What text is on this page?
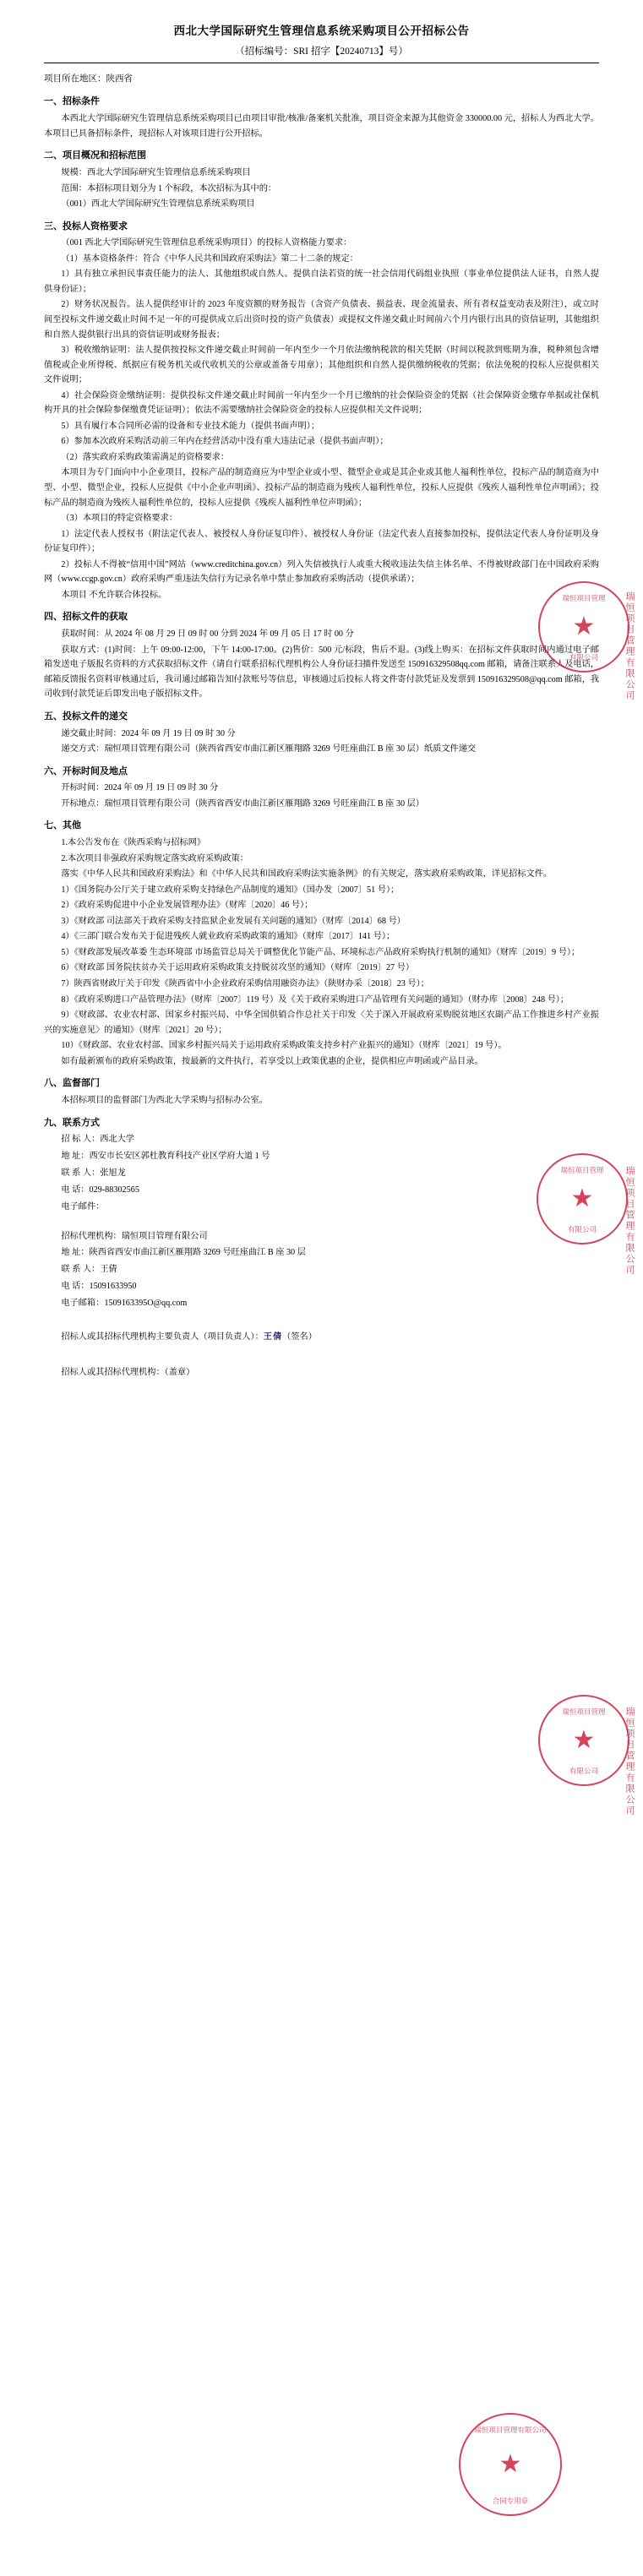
西北大学国际研究生管理信息系统采购项目公开招标公告
（招标编号：SRI 招字【20240713】号）
项目所在地区：陕西省
一、招标条件

本西北大学国际研究生管理信息系统采购项目已由项目审批/核准/备案机关批准，项目资金来源为其他资金 330000.00 元，招标人为西北大学。本项目已具备招标条件，现招标人对该项目进行公开招标。

二、项目概况和招标范围

规模：西北大学国际研究生管理信息系统采购项目

范围：本招标项目划分为 1 个标段，本次招标为其中的：

（001）西北大学国际研究生管理信息系统采购项目

三、投标人资格要求

（001 西北大学国际研究生管理信息系统采购项目）的投标人资格能力要求：

（1）基本资格条件：符合《中华人民共和国政府采购法》第二十二条的规定：

1）具有独立承担民事责任能力的法人、其他组织或自然人。提供自法若资的统一社会信用代码组业执照（事业单位提供法人证书，自然人提供身份证）；

2）财务状况报告。法人提供经审计的 2023 年度资额的财务报告（含资产负债表、损益表、现金流量表、所有者权益变动表及附注），或立时间至投标文件递交截止时间不足一年的可提供成立后出资时投的资产负债表）或提权文件递交截止时间前六个月内银行出具的资信证明，其他组织和自然人提供银行出具的资信证明或财务报表；

3）税收缴纳证明：法人提供按投标文件递交截止时间前一年内至少一个月依法缴纳税款的相关凭据（时间以税款到账期为准，税种须包含增值税或企业所得税、纸据应有税务机关或代收机关的公章或盖备专用章）；其他组织和自然人提供缴纳税收的凭据；依法免税的投标人应提供相关文件说明；

4）社会保险资金缴纳证明：提供投标文件递交截止时间前一年内至少一个月已缴纳的社会保险资金的凭据（社会保障资金缴存单据或社保机构开具的社会保险参保缴费凭证证明）；依法不需要缴纳社会保险资金的投标人应提供相关文件说明；

5）具有履行本合同所必需的设备和专业技术能力（提供书面声明）；

6）参加本次政府采购活动前三年内在经营活动中没有重大违法记录（提供书面声明）；

（2）落实政府采购政策需满足的资格要求：

本项目为专门面向中小企业项目，投标产品的制造商应为中型企业或小型、微型企业或是其企业或其他人福利性单位，投标产品的制造商为中型、小型、微型企业，投标人应提供《中小企业声明函》、投标产品的制造商为残疾人福利性单位，投标人应提供《残疾人福利性单位声明函》；投标产品的制造商为残疾人福利性单位的，投标人应提供《残疾人福利性单位声明函》；

（3）本项目的特定资格要求：

1）法定代表人授权书（附法定代表人、被授权人身份证复印件）、被授权人身份证（法定代表人直接参加投标，提供法定代表人身份证明及身份证复印件）；

2）投标人不得被“信用中国”网站（www.creditchina.gov.cn）列入失信被执行人或重大税收违法失信主体名单、不得被财政部门在中国政府采购网（www.ccgp.gov.cn）政府采购严重违法失信行为记录名单中禁止参加政府采购活动（提供承诺）；

本项目 不允许联合体投标。

四、招标文件的获取

获取时间：从 2024 年 08 月 29 日 09 时 00 分到 2024 年 09 月 05 日 17 时 00 分

获取方式：(1)时间：上午 09:00-12:00，下午 14:00-17:00。(2)售价：500 元/标段，售后不退。(3)线上购买：在招标文件获取时间内通过电子邮箱发送电子版报名资料的方式获取招标文件（请自行联系招标代理机构公人身份证扫描件发送至 150916329508qq.com 邮箱，请备注联系人及电话，邮箱反馈报名资料审核通过后，我司通过邮箱告知付款账号等信息，审核通过后投标人将文件寄付款凭证及发票到 150916329508@qq.com 邮箱，我司收到付款凭证后即发出电子版招标文件。

五、投标文件的递交

递交截止时间：2024 年 09 月 19 日 09 时 30 分

递交方式：瑞恒项目管理有限公司（陕西省西安市曲江新区雁翔路 3269 号旺座曲江 B 座 30 层）纸质文件递交

六、开标时间及地点

开标时间：2024 年 09 月 19 日 09 时 30 分

开标地点：瑞恒项目管理有限公司（陕西省西安市曲江新区雁翔路 3269 号旺座曲江 B 座 30 层）

七、其他

1.本公告发布在《陕西采购与招标网》

2.本次项目非强政府采购规定落实政府采购政策：

落实《中华人民共和国政府采购法》和《中华人民共和国政府采购法实施条例》的有关规定，落实政府采购政策，详见招标文件。

1）《国务院办公厅关于建立政府采购支持绿色产品制度的通知》（国办发〔2007〕51 号）；

2）《政府采购促进中小企业发展管理办法》（财库〔2020〕46 号）；

3）《财政部 司法部关于政府采购支持监狱企业发展有关问题的通知》（财库〔2014〕68 号）

4）《三部门联合发布关于促进残疾人就业政府采购政策的通知》（财库〔2017〕141 号）；

5）《财政部发展改革委 生态环境部 市场监管总局关于调整优化节能产品、环境标志产品政府采购执行机制的通知》（财库〔2019〕9 号）；

6）《财政部 国务院扶贫办关于运用政府采购政策支持脱贫攻坚的通知》（财库〔2019〕27 号）

7）陕西省财政厅关于印发《陕西省中小企业政府采购信用融资办法》（陕财办采〔2018〕23 号）；

8）《政府采购进口产品管理办法》（财库〔2007〕119 号）及《关于政府采购进口产品管理有关问题的通知》（财办库〔2008〕248 号）；

9）《财政部、农业农村部、国家乡村振兴局、中华全国供销合作总社关于印发〈关于深入开展政府采购脱贫地区农副产品工作推进乡村产业振兴的实施意见〉的通知》（财库〔2021〕20 号）；

10）《财政部、农业农村部、国家乡村振兴局关于运用政府采购政策支持乡村产业振兴的通知》（财库〔2021〕19 号）。

如有最新颁布的政府采购政策，按最新的文件执行，若享受以上政策优惠的企业，提供相应声明函或产品目录。

八、监督部门

本招标项目的监督部门为西北大学采购与招标办公室。

九、联系方式

招 标 人：西北大学

地 址：西安市长安区郭杜教育科技产业区学府大道 1 号

联 系 人：张旭龙

电 话：029-88302565

电子邮件：

招标代理机构：瑞恒项目管理有限公司

地 址：陕西省西安市曲江新区雁翔路 3269 号旺座曲江 B 座 30 层

联 系 人：王倩

电 话：15091633950

电子邮箱：1509163395O@qq.com

招标人或其招标代理机构主要负责人（项目负责人）：王倩（签名）
招标人或其招标代理机构：（盖章）
瑞恒项目管理
★
有限公司
瑞恒项目管理
★
有限公司
瑞恒项目管理
★
有限公司
瑞恒项目管理有限公司
★
合同专用章
瑞恒项目管理有限公司
瑞恒项目管理有限公司
瑞恒项目管理有限公司
